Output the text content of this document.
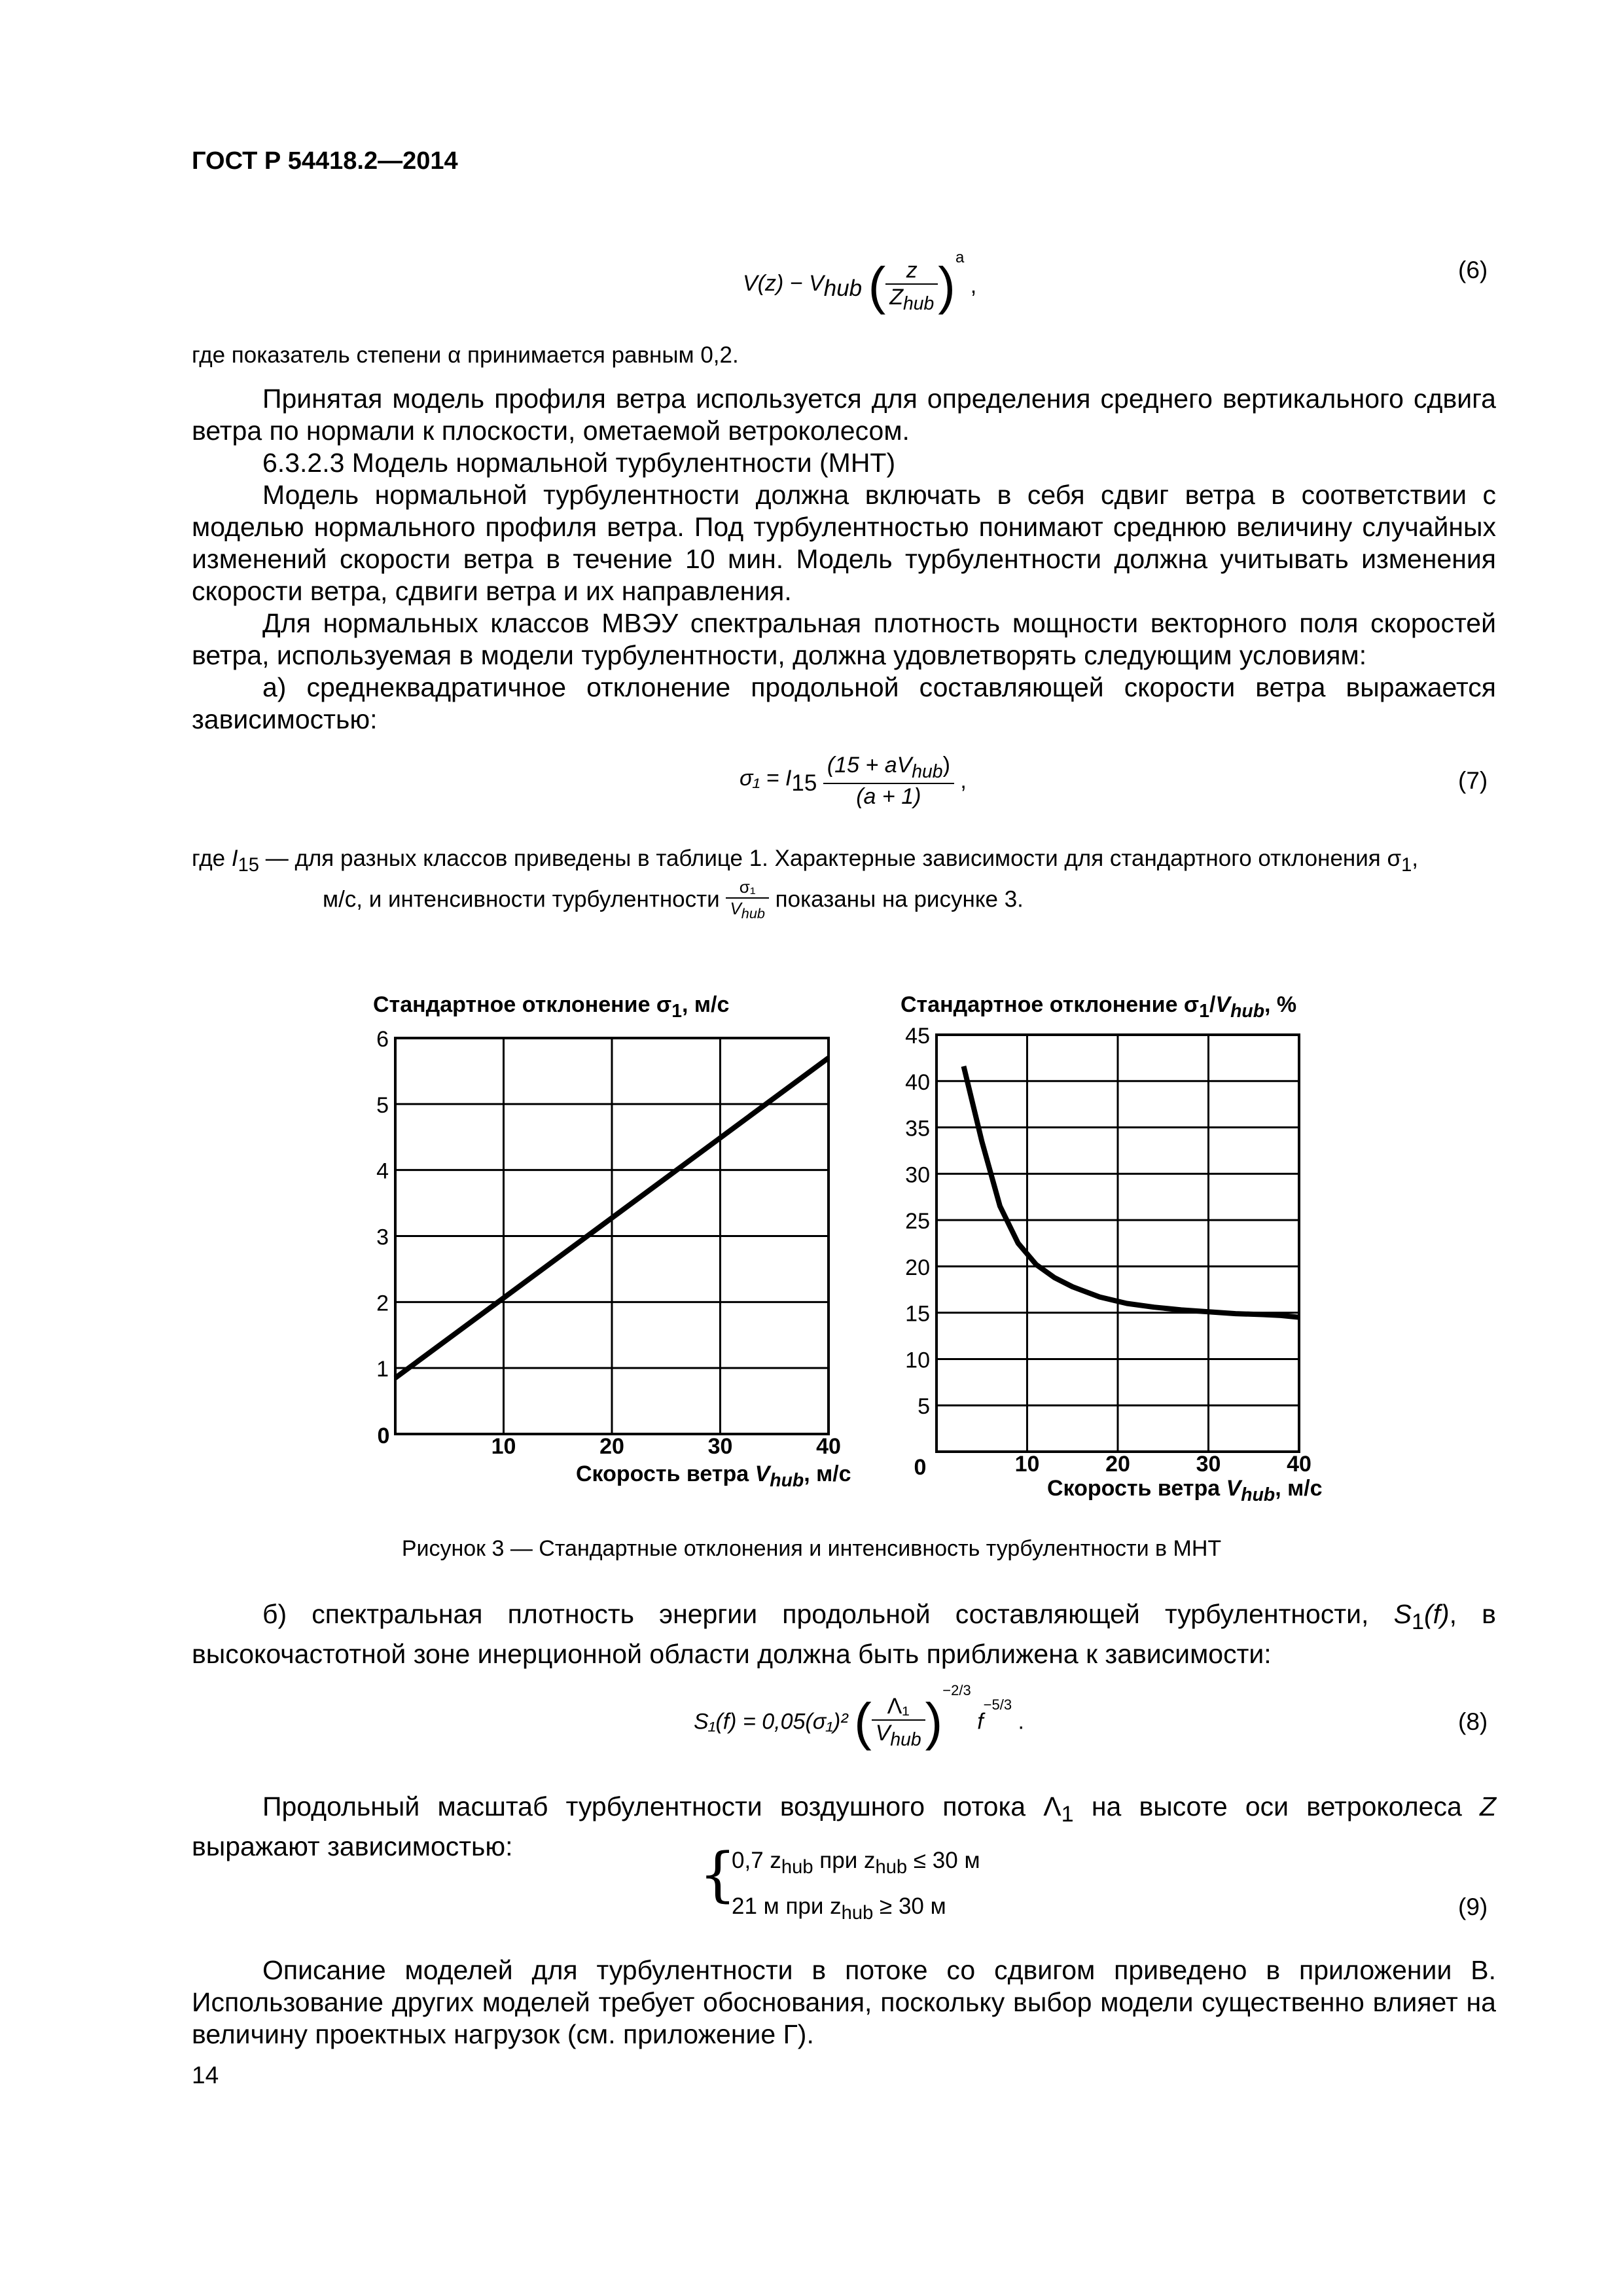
ГОСТ Р 54418.2—2014
$V(z) - V_{hub}$ ( $\frac{z}{Z_{hub}} )^a$ ,
(6)
где показатель степени α принимается равным 0,2.
Принятая модель профиля ветра используется для определения среднего вертикального сдвига ветра по нормали к плоскости, ометаемой ветроколесом.
6.3.2.3 Модель нормальной турбулентности (МНТ)
Модель нормальной турбулентности должна включать в себя сдвиг ветра в соответствии с моделью нормального профиля ветра. Под турбулентностью понимают среднюю величину случайных изменений скорости ветра в течение 10 мин. Модель турбулентности должна учитывать изменения скорости ветра, сдвиги ветра и их направления.
Для нормальных классов МВЭУ спектральная плотность мощности векторного поля скоростей ветра, используемая в модели турбулентности, должна удовлетворять следующим условиям:
а) среднеквадратичное отклонение продольной составляющей скорости ветра выражается зависимостью:
$\sigma_1 = I_{15} \frac{(15 + aV_{hub})}{(a + 1)}$ ,	(7)
где $I_{15}$ — для разных классов приведены в таблице 1. Характерные зависимости для стандартного отклонения $\sigma_1$,
м/с, и интенсивности турбулентности $\frac{\text{σ₁}}{V_{hub}}$ показаны на рисунке 3.
Стандартное отклонение $\sigma_1$, м/с	Стандартное отклонение $\sigma_1/V_{hub}$, %
1
2
3
4
5
6
0	10	20	30	40
5
10
15
20
25
30
35
40
45
0	10	20	30	40
Скорость ветра $V_{hub}$, м/с
Скорость ветра $V_{hub}$, м/с
Рисунок 3 — Стандартные отклонения и интенсивность турбулентности в МНТ
б) спектральная плотность энергии продольной составляющей турбулентности, $S_1(f)$, в высокочастотной зоне инерционной области должна быть приближена к зависимости:
S₁(f) = 0,05(σ₁)² ( $\frac{\text{Λ₁}}{V_{hub}} )^{-2/3}$ $f^{-5/3}$ .	(8)
Продольный масштаб турбулентности воздушного потока $\Lambda_1$ на высоте оси ветроколеса Z выражают зависимостью:	{
0,7 $z_{hub}$ при $z_{hub} \le 30$ м
21 м при $z_{hub} \ge 30$ м	(9)
Описание моделей для турбулентности в потоке со сдвигом приведено в приложении В. Использование других моделей требует обоснования, поскольку выбор модели существенно влияет на величину проектных нагрузок (см. приложение Г).
14
